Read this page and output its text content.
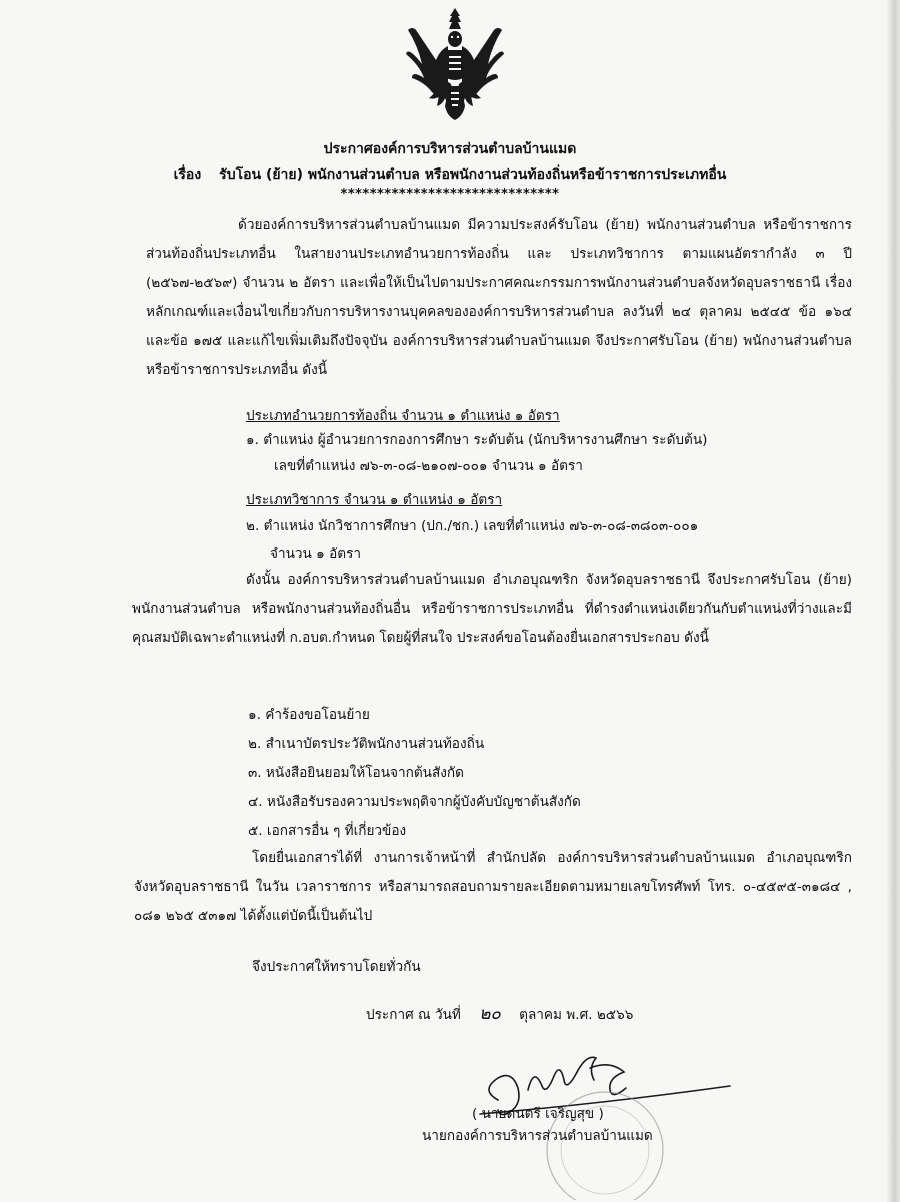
ประกาศองค์การบริหารส่วนตำบลบ้านแมด
เรื่อง รับโอน (ย้าย) พนักงานส่วนตำบล หรือพนักงานส่วนท้องถิ่นหรือข้าราชการประเภทอื่น
******************************

ด้วยองค์การบริหารส่วนตำบลบ้านแมด มีความประสงค์รับโอน (ย้าย) พนักงานส่วนตำบล หรือข้าราชการส่วนท้องถิ่นประเภทอื่น ในสายงานประเภทอำนวยการท้องถิ่น และ ประเภทวิชาการ ตามแผนอัตรากำลัง ๓ ปี (๒๕๖๗-๒๕๖๙) จำนวน ๒ อัตรา และเพื่อให้เป็นไปตามประกาศคณะกรรมการพนักงานส่วนตำบลจังหวัดอุบลราชธานี เรื่อง หลักเกณฑ์และเงื่อนไขเกี่ยวกับการบริหารงานบุคคลขององค์การบริหารส่วนตำบล ลงวันที่ ๒๔ ตุลาคม ๒๕๔๕ ข้อ ๑๖๔ และข้อ ๑๗๕ และแก้ไขเพิ่มเติมถึงปัจจุบัน องค์การบริหารส่วนตำบลบ้านแมด จึงประกาศรับโอน (ย้าย) พนักงานส่วนตำบลหรือข้าราชการประเภทอื่น ดังนี้

ประเภทอำนวยการท้องถิ่น จำนวน ๑ ตำแหน่ง ๑ อัตรา
๑. ตำแหน่ง ผู้อำนวยการกองการศึกษา ระดับต้น (นักบริหารงานศึกษา ระดับต้น)
เลขที่ตำแหน่ง ๗๖-๓-๐๘-๒๑๐๗-๐๐๑ จำนวน ๑ อัตรา
ประเภทวิชาการ จำนวน ๑ ตำแหน่ง ๑ อัตรา
๒. ตำแหน่ง นักวิชาการศึกษา (ปก./ชก.) เลขที่ตำแหน่ง ๗๖-๓-๐๘-๓๘๐๓-๐๐๑
จำนวน ๑ อัตรา

ดังนั้น องค์การบริหารส่วนตำบลบ้านแมด อำเภอบุณฑริก จังหวัดอุบลราชธานี จึงประกาศรับโอน (ย้าย) พนักงานส่วนตำบล หรือพนักงานส่วนท้องถิ่นอื่น หรือข้าราชการประเภทอื่น ที่ดำรงตำแหน่งเดียวกันกับตำแหน่งที่ว่างและมีคุณสมบัติเฉพาะตำแหน่งที่ ก.อบต.กำหนด โดยผู้ที่สนใจ ประสงค์ขอโอนต้องยื่นเอกสารประกอบ ดังนี้

๑. คำร้องขอโอนย้าย
๒. สำเนาบัตรประวัติพนักงานส่วนท้องถิ่น
๓. หนังสือยินยอมให้โอนจากต้นสังกัด
๔. หนังสือรับรองความประพฤติจากผู้บังคับบัญชาต้นสังกัด
๕. เอกสารอื่น ๆ ที่เกี่ยวข้อง

โดยยื่นเอกสารได้ที่ งานการเจ้าหน้าที่ สำนักปลัด องค์การบริหารส่วนตำบลบ้านแมด อำเภอบุณฑริก จังหวัดอุบลราชธานี ในวัน เวลาราชการ หรือสามารถสอบถามรายละเอียดตามหมายเลขโทรศัพท์ โทร. ๐-๔๕๙๕-๓๑๘๔ , ๐๘๑ ๒๖๕ ๕๓๑๗ ได้ตั้งแต่บัดนี้เป็นต้นไป

จึงประกาศให้ทราบโดยทั่วกัน
ประกาศ ณ วันที่ ๒๐ ตุลาคม พ.ศ. ๒๕๖๖
( นายดนตรี เจริญสุข )
นายกองค์การบริหารส่วนตำบลบ้านแมด
